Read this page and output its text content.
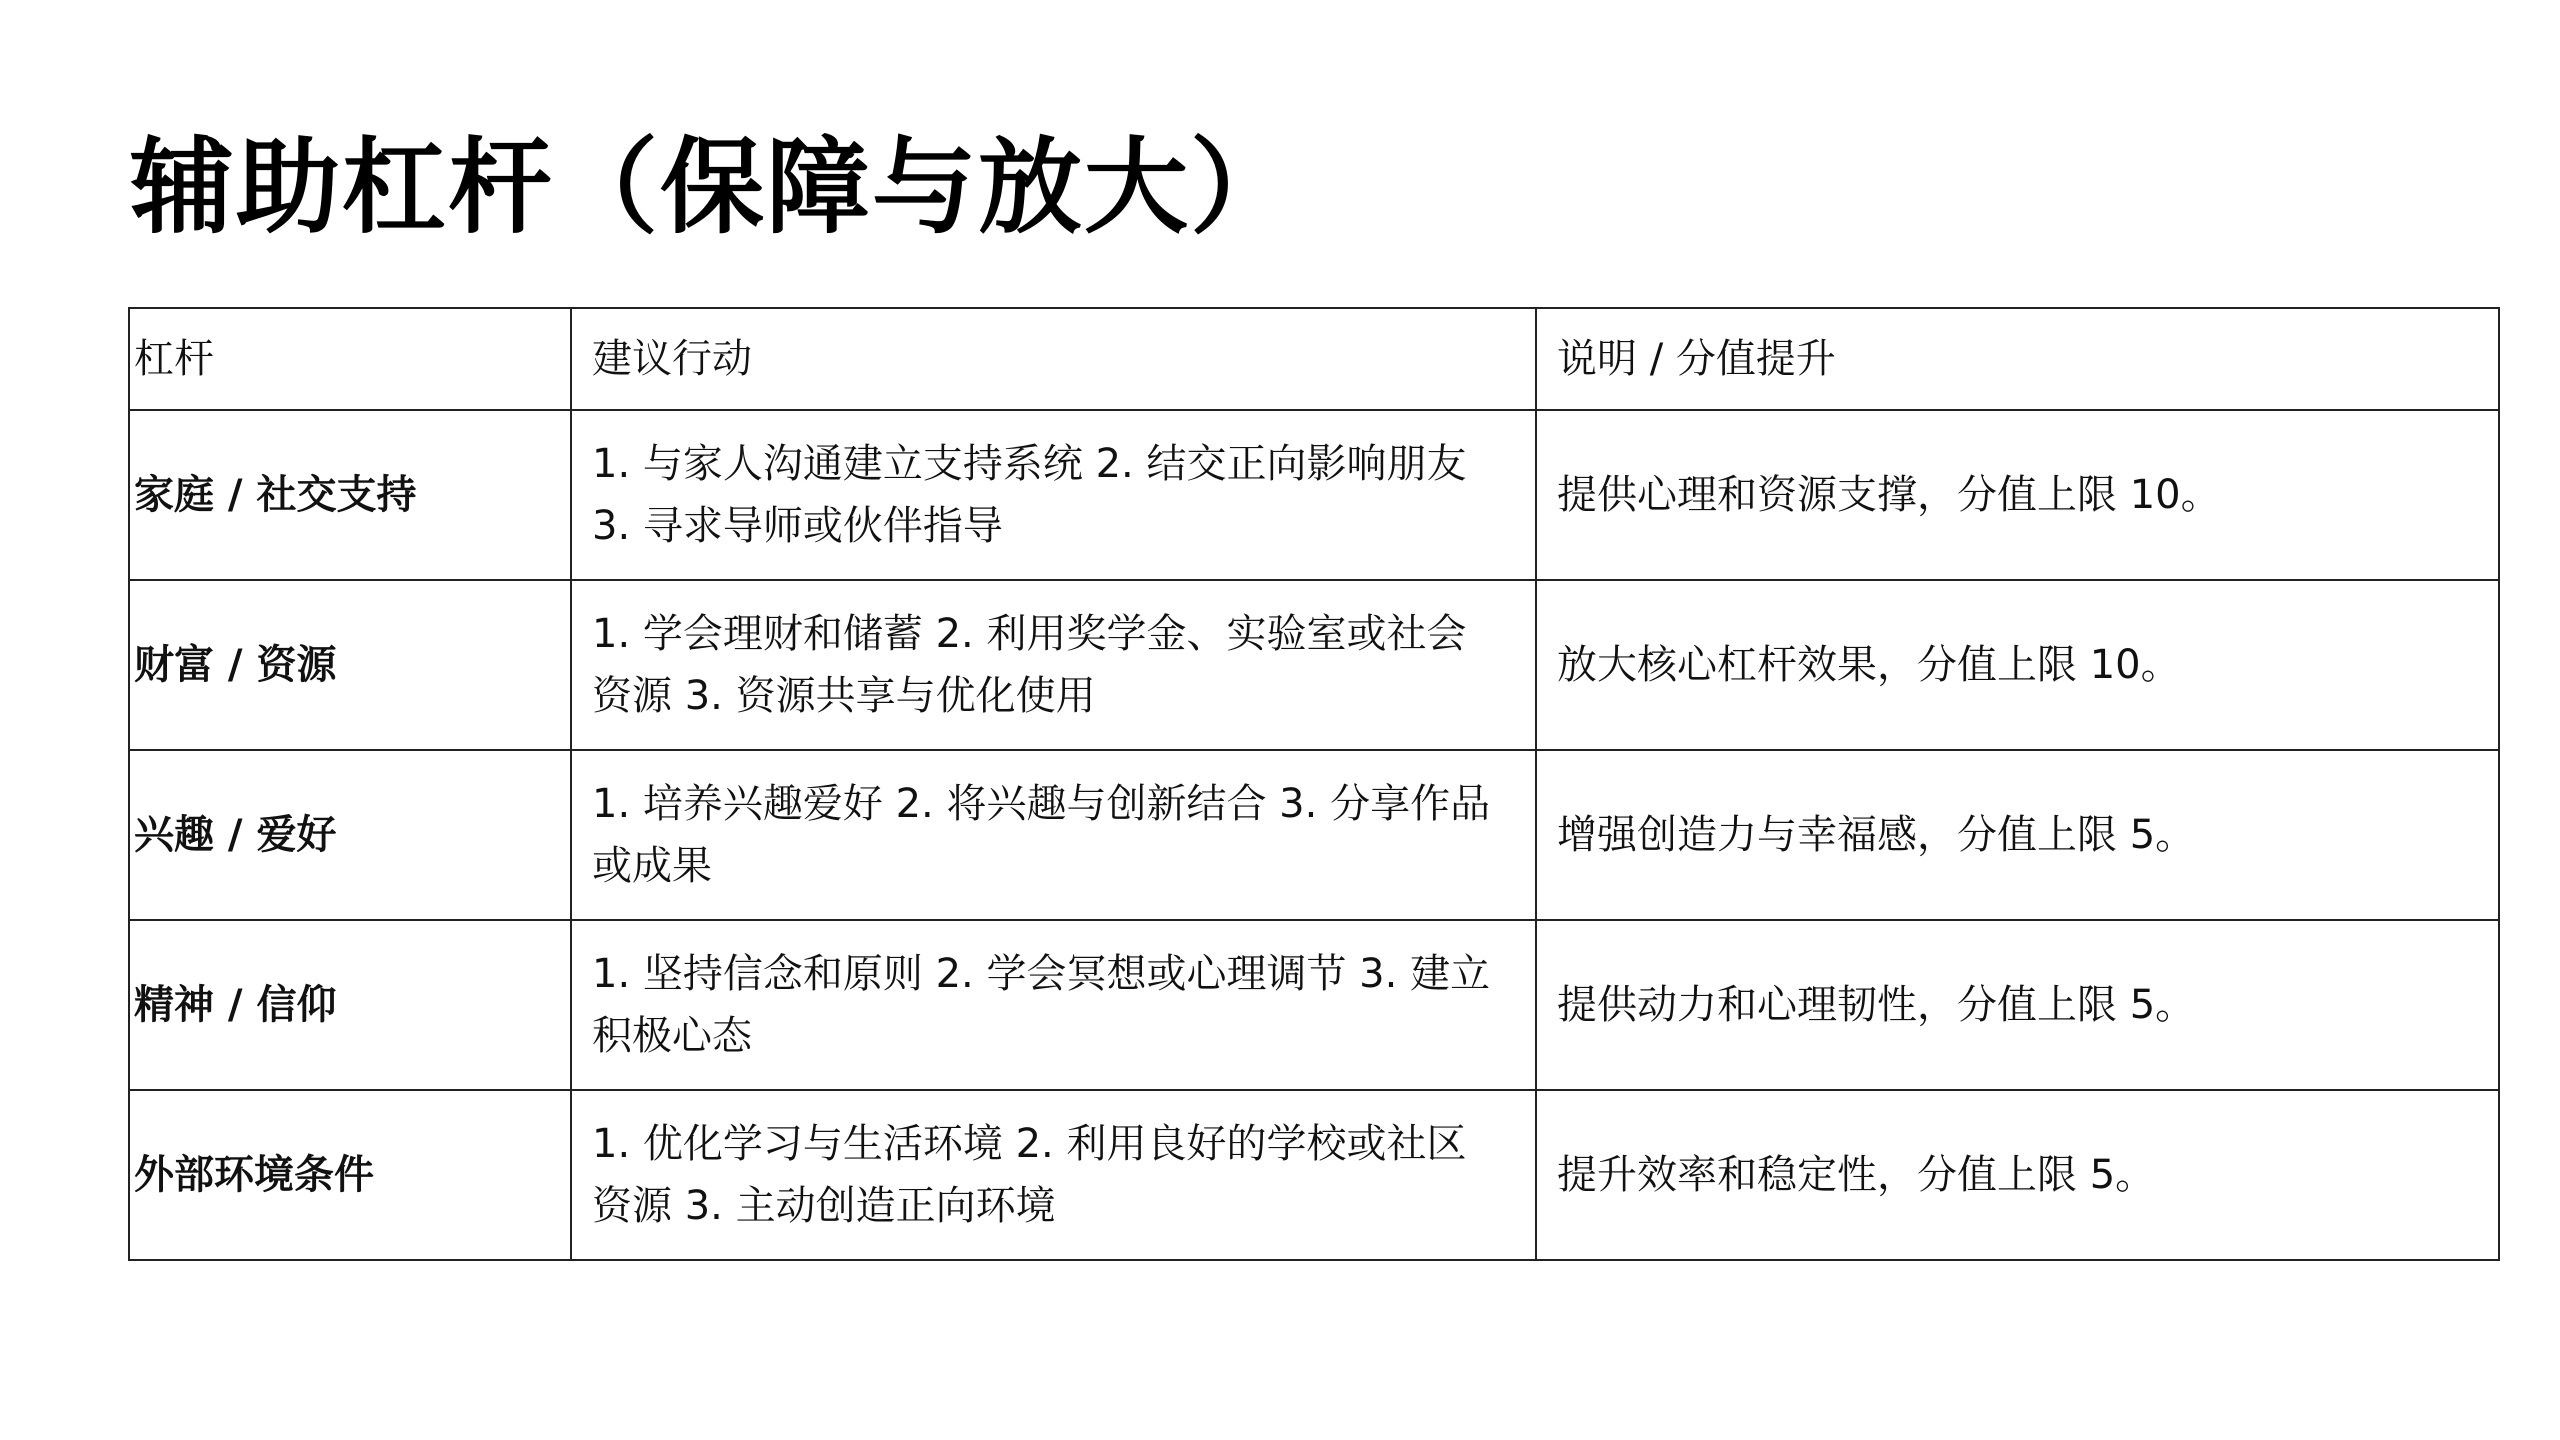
辅助杠杆（保障与放大）
杠杆	建议行动	说明 / 分值提升
家庭 / 社交支持	1. 与家人沟通建立支持系统 2. 结交正向影响朋友 3. 寻求导师或伙伴指导	提供心理和资源支撑，分值上限 10。
财富 / 资源	1. 学会理财和储蓄 2. 利用奖学金、实验室或社会资源 3. 资源共享与优化使用	放大核心杠杆效果，分值上限 10。
兴趣 / 爱好	1. 培养兴趣爱好 2. 将兴趣与创新结合 3. 分享作品或成果	增强创造力与幸福感，分值上限 5。
精神 / 信仰	1. 坚持信念和原则 2. 学会冥想或心理调节 3. 建立积极心态	提供动力和心理韧性，分值上限 5。
外部环境条件	1. 优化学习与生活环境 2. 利用良好的学校或社区资源 3. 主动创造正向环境	提升效率和稳定性，分值上限 5。
